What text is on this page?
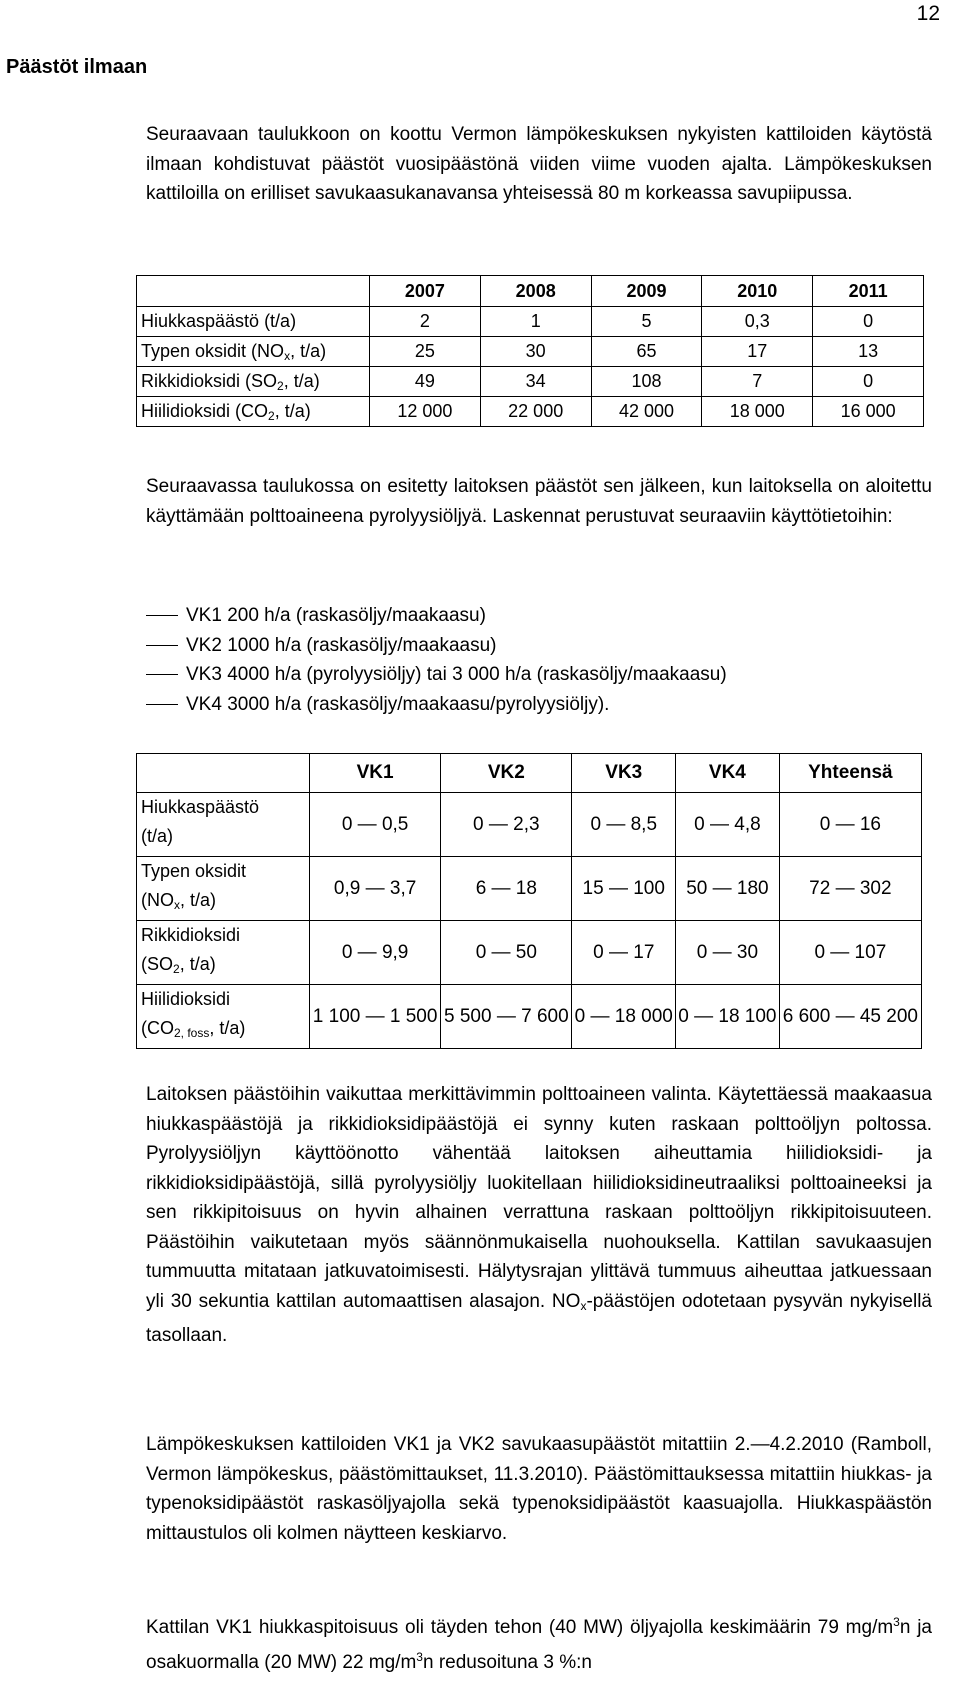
12
Päästöt ilmaan
Seuraavaan taulukkoon on koottu Vermon lämpökeskuksen nykyisten kattiloiden käytöstä ilmaan kohdistuvat päästöt vuosipäästönä viiden viime vuoden ajalta. Lämpökeskuksen kattiloilla on erilliset savukaasukanavansa yhteisessä 80 m korkeassa savupiipussa.
	2007	2008	2009	2010	2011
Hiukkaspäästö (t/a)	2	1	5	0,3	0
Typen oksidit ($NO_x$, t/a)	25	30	65	17	13
Rikkidioksidi ($SO_2$, t/a)	49	34	108	7	0
Hiilidioksidi ($CO_2$, t/a)	12 000	22 000	42 000	18 000	16 000
Seuraavassa taulukossa on esitetty laitoksen päästöt sen jälkeen, kun laitoksella on aloitettu käyttämään polttoaineena pyrolyysiöljyä. Laskennat perustuvat seuraaviin käyttötietoihin:
VK1 200 h/a (raskasöljy/maakaasu)
VK2 1000 h/a (raskasöljy/maakaasu)
VK3 4000 h/a (pyrolyysiöljy) tai 3 000 h/a (raskasöljy/maakaasu)
VK4 3000 h/a (raskasöljy/maakaasu/pyrolyysiöljy).
	VK1	VK2	VK3	VK4	Yhteensä
Hiukkaspäästö
(t/a)	0 — 0,5	0 — 2,3	0 — 8,5	0 — 4,8	0 — 16
Typen oksidit
($NO_x$, t/a)	0,9 — 3,7	6 — 18	15 — 100	50 — 180	72 — 302
Rikkidioksidi
($SO_2$, t/a)	0 — 9,9	0 — 50	0 — 17	0 — 30	0 — 107
Hiilidioksidi
($CO_{2, foss}$, t/a)	1 100 — 1 500	5 500 — 7 600	0 — 18 000	0 — 18 100	6 600 — 45 200
Laitoksen päästöihin vaikuttaa merkittävimmin polttoaineen valinta. Käytettäessä maakaasua hiukkaspäästöjä ja rikkidioksidipäästöjä ei synny kuten raskaan polttoöljyn poltossa. Pyrolyysiöljyn käyttöönotto vähentää laitoksen aiheuttamia hiilidioksidi- ja rikkidioksidipäästöjä, sillä pyrolyysiöljy luokitellaan hiilidioksidineutraaliksi polttoaineeksi ja sen rikkipitoisuus on hyvin alhainen verrattuna raskaan polttoöljyn rikkipitoisuuteen. Päästöihin vaikutetaan myös säännönmukaisella nuohouksella. Kattilan savukaasujen tummuutta mitataan jatkuvatoimisesti. Hälytysrajan ylittävä tummuus aiheuttaa jatkuessaan yli 30 sekuntia kattilan automaattisen alasajon. NOx-päästöjen odotetaan pysyvän nykyisellä tasollaan.
Lämpökeskuksen kattiloiden VK1 ja VK2 savukaasupäästöt mitattiin 2.—4.2.2010 (Ramboll, Vermon lämpökeskus, päästömittaukset, 11.3.2010). Päästömittauksessa mitattiin hiukkas- ja typenoksidipäästöt raskasöljyajolla sekä typenoksidipäästöt kaasuajolla. Hiukkaspäästön mittaustulos oli kolmen näytteen keskiarvo.
Kattilan VK1 hiukkaspitoisuus oli täyden tehon (40 MW) öljyajolla keskimäärin 79 $mg/m^3n$ ja osakuormalla (20 MW) 22 $mg/m^3n$ redusoituna 3 %:n
